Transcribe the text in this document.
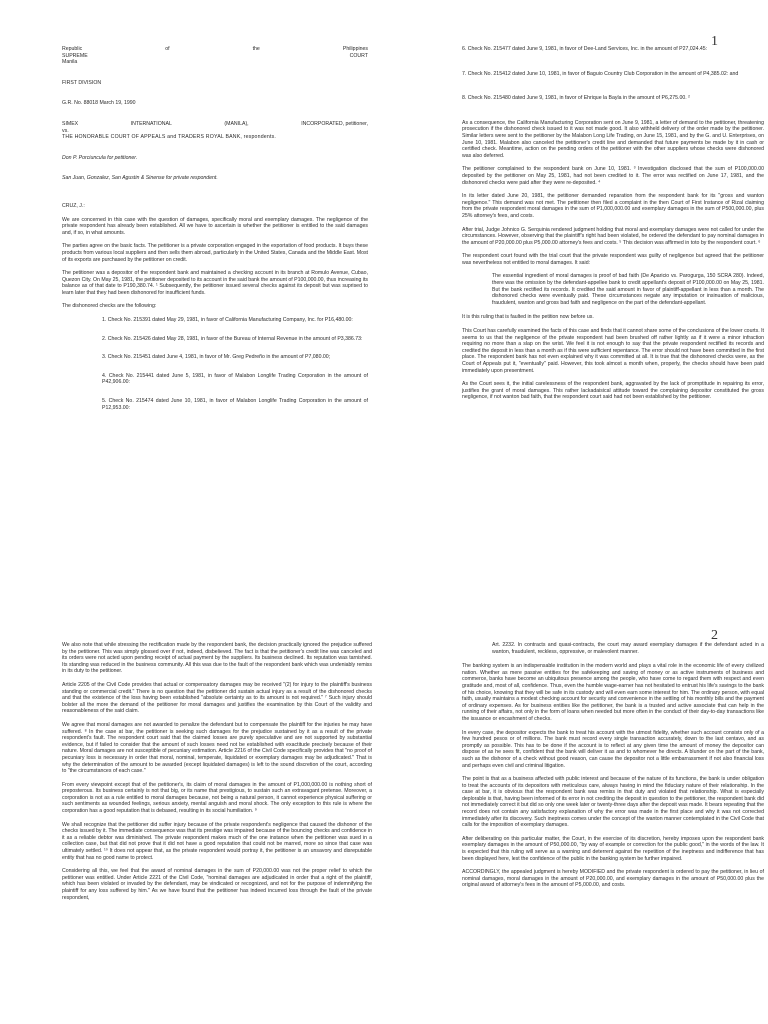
1
Republic	of	the	Philippines
SUPREME	COURT

Manila

FIRST DIVISION

G.R. No. 88018 March 19, 1990

SIMEX	INTERNATIONAL	(MANILA),	INCORPORATED, petitioner,

vs.

THE HONORABLE COURT OF APPEALS and TRADERS ROYAL BANK, respondents.

Don P. Porciuncula for petitioner.

San Juan, Gonzalez, San Agustin & Sinense for private respondent.

CRUZ, J.:

We are concerned in this case with the question of damages, specifically moral and exemplary damages. The negligence of the private respondent has already been established. All we have to ascertain is whether the petitioner is entitled to the said damages and, if so, in what amounts.

The parties agree on the basic facts. The petitioner is a private corporation engaged in the exportation of food products. It buys these products from various local suppliers and then sells them abroad, particularly in the United States, Canada and the Middle East. Most of its exports are purchased by the petitioner on credit.

The petitioner was a depositor of the respondent bank and maintained a checking account in its branch at Romulo Avenue, Cubao, Quezon City. On May 25, 1981, the petitioner deposited to its account in the said bank the amount of P100,000.00, thus increasing its balance as of that date to P190,380.74. ¹ Subsequently, the petitioner issued several checks against its deposit but was suprised to learn later that they had been dishonored for insufficient funds.

The dishonored checks are the following:

1. Check No. 215391 dated May 29, 1981, in favor of California Manufacturing Company, Inc. for P16,480.00:

2. Check No. 215426 dated May 28, 1981, in favor of the Bureau of Internal Revenue in the amount of P3,386.73:

3. Check No. 215451 dated June 4, 1981, in favor of Mr. Greg Pedreño in the amount of P7,080.00;

4. Check No. 215441 dated June 5, 1981, in favor of Malabon Longlife Trading Corporation in the amount of P42,906.00:

5. Check No. 215474 dated June 10, 1981, in favor of Malabon Longlife Trading Corporation in the amount of P12,953.00:

6. Check No. 215477 dated June 9, 1981, in favor of Dee-Land Services, Inc. in the amount of P27,024.45:

7. Check No. 215412 dated June 10, 1981, in favor of Baguio Country Club Corporation in the amount of P4,385.02: and

8. Check No. 215480 dated June 9, 1981, in favor of Ehrique la Bayla in the amount of P6,275.00. ²

As a consequence, the California Manufacturing Corporation sent on June 9, 1981, a letter of demand to the petitioner, threatening prosecution if the dishonored check issued to it was not made good. It also withheld delivery of the order made by the petitioner. Similar letters were sent to the petitioner by the Malabon Long Life Trading, on June 15, 1981, and by the G. and U. Enterprises, on June 10, 1981. Malabon also canceled the petitioner's credit line and demanded that future payments be made by it in cash or certified check. Meantime, action on the pending orders of the petitioner with the other suppliers whose checks were dishonored was also deferred.

The petitioner complained to the respondent bank on June 10, 1981. ³ Investigation disclosed that the sum of P100,000.00 deposited by the petitioner on May 25, 1981, had not been credited to it. The error was rectified on June 17, 1981, and the dishonored checks were paid after they were re-deposited. ⁴

In its letter dated June 20, 1981, the petitioner demanded reparation from the respondent bank for its "gross and wanton negligence." This demand was not met. The petitioner then filed a complaint in the then Court of First Instance of Rizal claiming from the private respondent moral damages in the sum of P1,000,000.00 and exemplary damages in the sum of P500,000.00, plus 25% attorney's fees, and costs.

After trial, Judge Johnico G. Serquinia rendered judgment holding that moral and exemplary damages were not called for under the circumstances. However, observing that the plaintiff's right had been violated, he ordered the defendant to pay nominal damages in the amount of P20,000.00 plus P5,000.00 attorney's fees and costs. ⁵ This decision was affirmed in toto by the respondent court. ⁶

The respondent court found with the trial court that the private respondent was guilty of negligence but agreed that the petitioner was nevertheless not entitled to moral damages. It said:

The essential ingredient of moral damages is proof of bad faith (De Aparicio vs. Parogurga, 150 SCRA 280). Indeed, there was the omission by the defendant-appellee bank to credit appellant's deposit of P100,000.00 on May 25, 1981. But the bank rectified its records. It credited the said amount in favor of plaintiff-appellant in less than a month. The dishonored checks were eventually paid. These circumstances negate any imputation or insinuation of malicious, fraudulent, wanton and gross bad faith and negligence on the part of the defendant-appellant.

It is this ruling that is faulted in the petition now before us.

This Court has carefully examined the facts of this case and finds that it cannot share some of the conclusions of the lower courts. It seems to us that the negligence of the private respondent had been brushed off rather lightly as if it were a minor infraction requiring no more than a slap on the wrist. We feel it is not enough to say that the private respondent rectified its records and credited the deposit in less than a month as if this were sufficient repentance. The error should not have been committed in the first place. The respondent bank has not even explained why it was committed at all. It is true that the dishonored checks were, as the Court of Appeals put it, "eventually" paid. However, this took almost a month when, properly, the checks should have been paid immediately upon presentment.

As the Court sees it, the initial carelessness of the respondent bank, aggravated by the lack of promptitude in repairing its error, justifies the grant of moral damages. This rather lackadaisical attitude toward the complaining depositor constituted the gross negligence, if not wanton bad faith, that the respondent court said had not been established by the petitioner.

2

We also note that while stressing the rectification made by the respondent bank, the decision practically ignored the prejudice suffered by the petitioner. This was simply glossed over if not, indeed, disbelieved. The fact is that the petitioner's credit line was canceled and its orders were not acted upon pending receipt of actual payment by the suppliers. Its business declined. Its reputation was tarnished. Its standing was reduced in the business community. All this was due to the fault of the respondent bank which was undeniably remiss in its duty to the petitioner.

Article 2205 of the Civil Code provides that actual or compensatory damages may be received "(2) for injury to the plaintiff's business standing or commercial credit." There is no question that the petitioner did sustain actual injury as a result of the dishonored checks and that the existence of the loss having been established "absolute certainty as to its amount is not required." ⁷ Such injury should bolster all the more the demand of the petitioner for moral damages and justifies the examination by this Court of the validity and reasonableness of the said claim.

We agree that moral damages are not awarded to penalize the defendant but to compensate the plaintiff for the injuries he may have suffered. ⁸ In the case at bar, the petitioner is seeking such damages for the prejudice sustained by it as a result of the private respondent's fault. The respondent court said that the claimed losses are purely speculative and are not supported by substantial evidence, but if failed to consider that the amount of such losses need not be established with exactitude precisely because of their nature. Moral damages are not susceptible of pecuniary estimation. Article 2216 of the Civil Code specifically provides that "no proof of pecuniary loss is necessary in order that moral, nominal, temperate, liquidated or exemplary damages may be adjudicated." That is why the determination of the amount to be awarded (except liquidated damages) is left to the sound discretion of the court, according to "the circumstances of each case."

From every viewpoint except that of the petitioner's, its claim of moral damages in the amount of P1,000,000.00 is nothing short of preposterous. Its business certainly is not that big, or its name that prestigious, to sustain such an extravagant pretense. Moreover, a corporation is not as a rule entitled to moral damages because, not being a natural person, it cannot experience physical suffering or such sentiments as wounded feelings, serious anxiety, mental anguish and moral shock. The only exception to this rule is where the corporation has a good reputation that is debased, resulting in its social humiliation. ⁹

We shall recognize that the petitioner did suffer injury because of the private respondent's negligence that caused the dishonor of the checks issued by it. The immediate consequence was that its prestige was impaired because of the bouncing checks and confidence in it as a reliable debtor was diminished. The private respondent makes much of the one instance when the petitioner was sued in a collection case, but that did not prove that it did not have a good reputation that could not be marred, more so since that case was ultimately settled. ¹⁰ It does not appear that, as the private respondent would portray it, the petitioner is an unsavory and disreputable entity that has no good name to protect.

Considering all this, we feel that the award of nominal damages in the sum of P20,000.00 was not the proper relief to which the petitioner was entitled. Under Article 2221 of the Civil Code, "nominal damages are adjudicated in order that a right of the plaintiff, which has been violated or invaded by the defendant, may be vindicated or recognized, and not for the purpose of indemnifying the plaintiff for any loss suffered by him." As we have found that the petitioner has indeed incurred loss through the fault of the private respondent,

Art. 2232. In contracts and quasi-contracts, the court may award exemplary damages if the defendant acted in a wanton, fraudulent, reckless, oppressive, or malevolent manner.

The banking system is an indispensable institution in the modern world and plays a vital role in the economic life of every civilized nation. Whether as mere passive entities for the safekeeping and saving of money or as active instruments of business and commerce, banks have become an ubiquitous presence among the people, who have come to regard them with respect and even gratitude and, most of all, confidence. Thus, even the humble wage-earner has not hesitated to entrust his life's savings to the bank of his choice, knowing that they will be safe in its custody and will even earn some interest for him. The ordinary person, with equal faith, usually maintains a modest checking account for security and convenience in the settling of his monthly bills and the payment of ordinary expenses. As for business entities like the petitioner, the bank is a trusted and active associate that can help in the running of their affairs, not only in the form of loans when needed but more often in the conduct of their day-to-day transactions like the issuance or encashment of checks.

In every case, the depositor expects the bank to treat his account with the utmost fidelity, whether such account consists only of a few hundred pesos or of millions. The bank must record every single transaction accurately, down to the last centavo, and as promptly as possible. This has to be done if the account is to reflect at any given time the amount of money the depositor can dispose of as he sees fit, confident that the bank will deliver it as and to whomever he directs. A blunder on the part of the bank, such as the dishonor of a check without good reason, can cause the depositor not a little embarrassment if not also financial loss and perhaps even civil and criminal litigation.

The point is that as a business affected with public interest and because of the nature of its functions, the bank is under obligation to treat the accounts of its depositors with meticulous care, always having in mind the fiduciary nature of their relationship. In the case at bar, it is obvious that the respondent bank was remiss in that duty and violated that relationship. What is especially deplorable is that, having been informed of its error in not crediting the deposit in question to the petitioner, the respondent bank did not immediately correct it but did so only one week later or twenty-three days after the deposit was made. It bears repeating that the record does not contain any satisfactory explanation of why the error was made in the first place and why it was not corrected immediately after its discovery. Such ineptness comes under the concept of the wanton manner contemplated in the Civil Code that calls for the imposition of exemplary damages.

After deliberating on this particular matter, the Court, in the exercise of its discretion, hereby imposes upon the respondent bank exemplary damages in the amount of P50,000.00, "by way of example or correction for the public good," in the words of the law. It is expected that this ruling will serve as a warning and deterrent against the repetition of the ineptness and indifference that has been displayed here, lest the confidence of the public in the banking system be further impaired.

ACCORDINGLY, the appealed judgment is hereby MODIFIED and the private respondent is ordered to pay the petitioner, in lieu of nominal damages, moral damages in the amount of P20,000.00, and exemplary damages in the amount of P50,000.00 plus the original award of attorney's fees in the amount of P5,000.00, and costs.
